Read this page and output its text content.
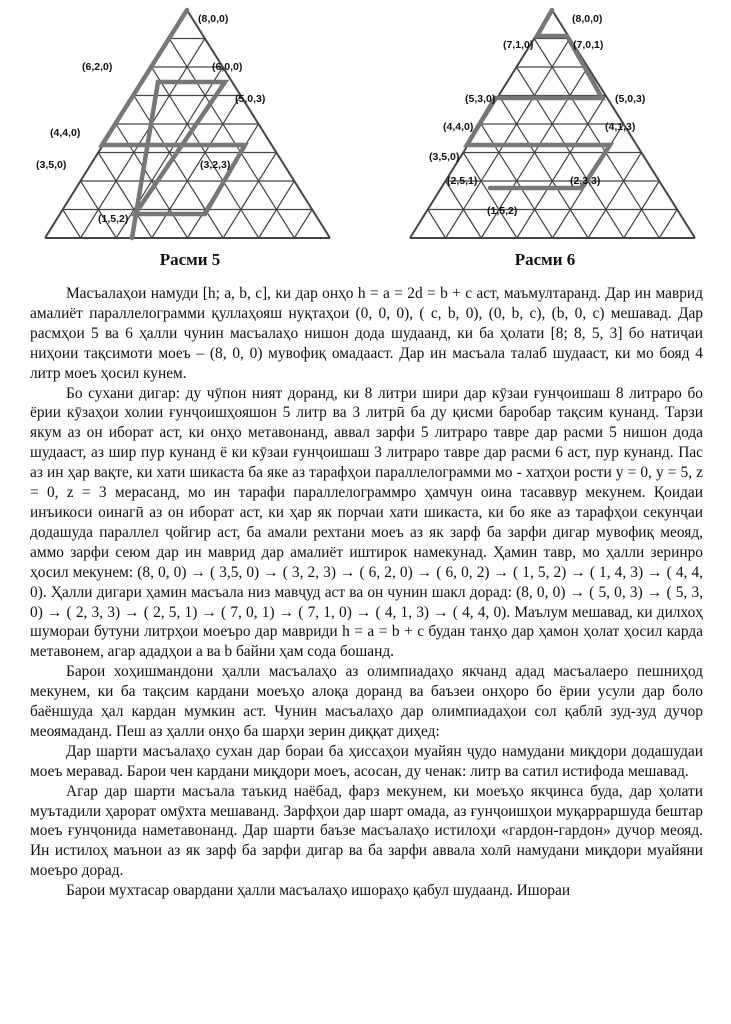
(8,0,0)
(6,2,0)	(6,0,0)
(5,0,3)
(4,4,0)
(3,5,0)	(3,2,3)
(1,5,2)
Расми 5
(8,0,0)
(7,1,0)	(7,0,1)
(5,3,0)	(5,0,3)
(4,4,0)	(4,1,3)
(3,5,0)
(2,5,1)	(2,3,3)
(1,5,2)
Расми 6

Масъалаҳои намуди [h; a, b, c], ки дар онҳо h = a = 2d = b + c аст, маъмултаранд. Дар ин маврид амалиёт параллелограмми қуллаҳояш нуқтаҳои (0, 0, 0), ( c, b, 0), (0, b, c), (b, 0, c) мешавад. Дар расмҳои 5 ва 6 ҳалли чунин масъалаҳо нишон дода шудаанд, ки ба ҳолати [8; 8, 5, 3] бо натиҷаи ниҳоии тақсимоти моеъ – (8, 0, 0) мувофиқ омадааст. Дар ин масъала талаб шудааст, ки мо бояд 4 литр моеъ ҳосил кунем.

Бо сухани дигар: ду чӯпон ният доранд, ки 8 литри шири дар кӯзаи ғунҷоишаш 8 литраро бо ёрии кӯзаҳои холии ғунҷоишҳояшон 5 литр ва 3 литрӣ ба ду қисми баробар тақсим кунанд. Тарзи якум аз он иборат аст, ки онҳо метавонанд, аввал зарфи 5 литраро тавре дар расми 5 нишон дода шудааст, аз шир пур кунанд ё ки кӯзаи ғунҷоишаш 3 литраро тавре дар расми 6 аст, пур кунанд. Пас аз ин ҳар вақте, ки хати шикаста ба яке аз тарафҳои параллелограмми мо - хатҳои рости y = 0, y = 5, z = 0, z = 3 мерасанд, мо ин тарафи параллелограммро ҳамчун оина тасаввур мекунем. Қоидаи инъикоси оинагӣ аз он иборат аст, ки ҳар як порчаи хати шикаста, ки бо яке аз тарафҳои секунҷаи додашуда параллел ҷойгир аст, ба амали рехтани моеъ аз як зарф ба зарфи дигар мувофиқ меояд, аммо зарфи сеюм дар ин маврид дар амалиёт иштирок намекунад. Ҳамин тавр, мо ҳалли зеринро ҳосил мекунем: (8, 0, 0) → ( 3,5, 0) → ( 3, 2, 3) → ( 6, 2, 0) → ( 6, 0, 2) → ( 1, 5, 2) → ( 1, 4, 3) → ( 4, 4, 0). Ҳалли дигари ҳамин масъала низ мавҷуд аст ва он чунин шакл дорад: (8, 0, 0) → ( 5, 0, 3) → ( 5, 3, 0) → ( 2, 3, 3) → ( 2, 5, 1) → ( 7, 0, 1) → ( 7, 1, 0) → ( 4, 1, 3) → ( 4, 4, 0). Маълум мешавад, ки дилхоҳ шумораи бутуни литрҳои моеъро дар мавриди h = a = b + c будан танҳо дар ҳамон ҳолат ҳосил карда метавонем, агар ададҳои a ва b байни ҳам сода бошанд.

Барои хоҳишмандони ҳалли масъалаҳо аз олимпиадаҳо якчанд адад масъалаеро пешниҳод мекунем, ки ба тақсим кардани моеъҳо алоқа доранд ва баъзеи онҳоро бо ёрии усули дар боло баёншуда ҳал кардан мумкин аст. Чунин масъалаҳо дар олимпиадаҳои сол қаблӣ зуд-зуд дучор меоямаданд. Пеш аз ҳалли онҳо ба шарҳи зерин диққат диҳед:

Дар шарти масъалаҳо сухан дар бораи ба ҳиссаҳои муайян ҷудо намудани миқдори додашудаи моеъ меравад. Барои чен кардани миқдори моеъ, асосан, ду ченак: литр ва сатил истифода мешавад.

Агар дар шарти масъала таъкид наёбад, фарз мекунем, ки моеъҳо якҷинса буда, дар ҳолати муътадили ҳарорат омӯхта мешаванд. Зарфҳои дар шарт омада, аз ғунҷоишҳои муқарраршуда бештар моеъ ғунҷонида наметавонанд. Дар шарти баъзе масъалаҳо истилоҳи «гардон-гардон» дучор меояд. Ин истилоҳ маънои аз як зарф ба зарфи дигар ва ба зарфи аввала холӣ намудани миқдори муайяни моеъро дорад.

Барои мухтасар овардани ҳалли масъалаҳо ишораҳо қабул шудаанд. Ишораи
